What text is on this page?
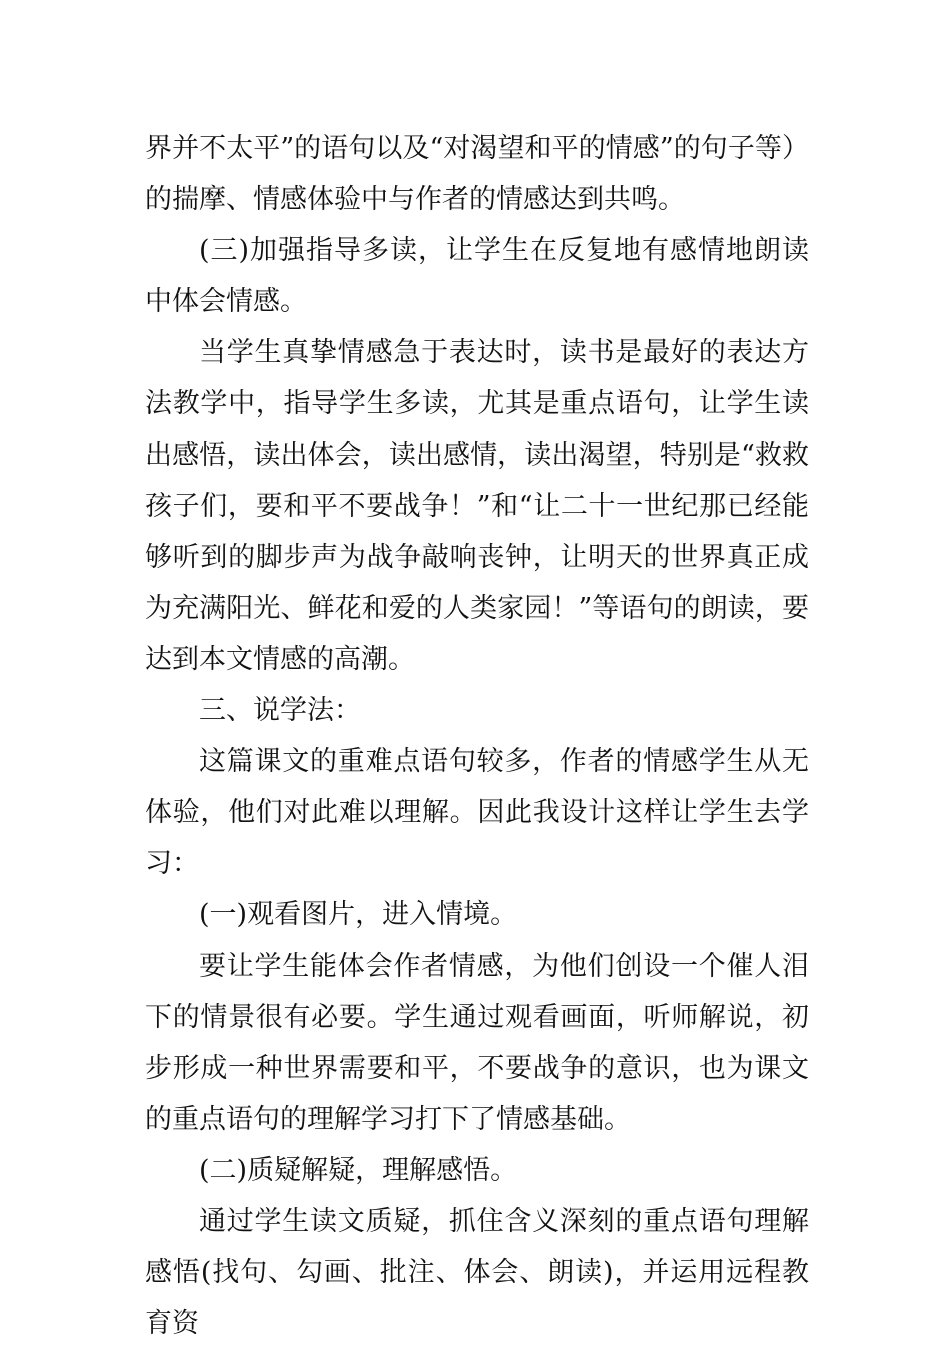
界并不太平”的语句以及“对渴望和平的情感”的句子等）的揣摩、情感体验中与作者的情感达到共鸣。

(三)加强指导多读，让学生在反复地有感情地朗读中体会情感。

当学生真挚情感急于表达时，读书是最好的表达方法教学中，指导学生多读，尤其是重点语句，让学生读出感悟，读出体会，读出感情，读出渴望，特别是“救救孩子们，要和平不要战争！”和“让二十一世纪那已经能够听到的脚步声为战争敲响丧钟，让明天的世界真正成为充满阳光、鲜花和爱的人类家园！”等语句的朗读，要达到本文情感的高潮。

三、说学法：

这篇课文的重难点语句较多，作者的情感学生从无体验，他们对此难以理解。因此我设计这样让学生去学习：

(一)观看图片，进入情境。

要让学生能体会作者情感，为他们创设一个催人泪下的情景很有必要。学生通过观看画面，听师解说，初步形成一种世界需要和平，不要战争的意识，也为课文的重点语句的理解学习打下了情感基础。

(二)质疑解疑，理解感悟。

通过学生读文质疑，抓住含义深刻的重点语句理解感悟(找句、勾画、批注、体会、朗读)，并运用远程教育资
